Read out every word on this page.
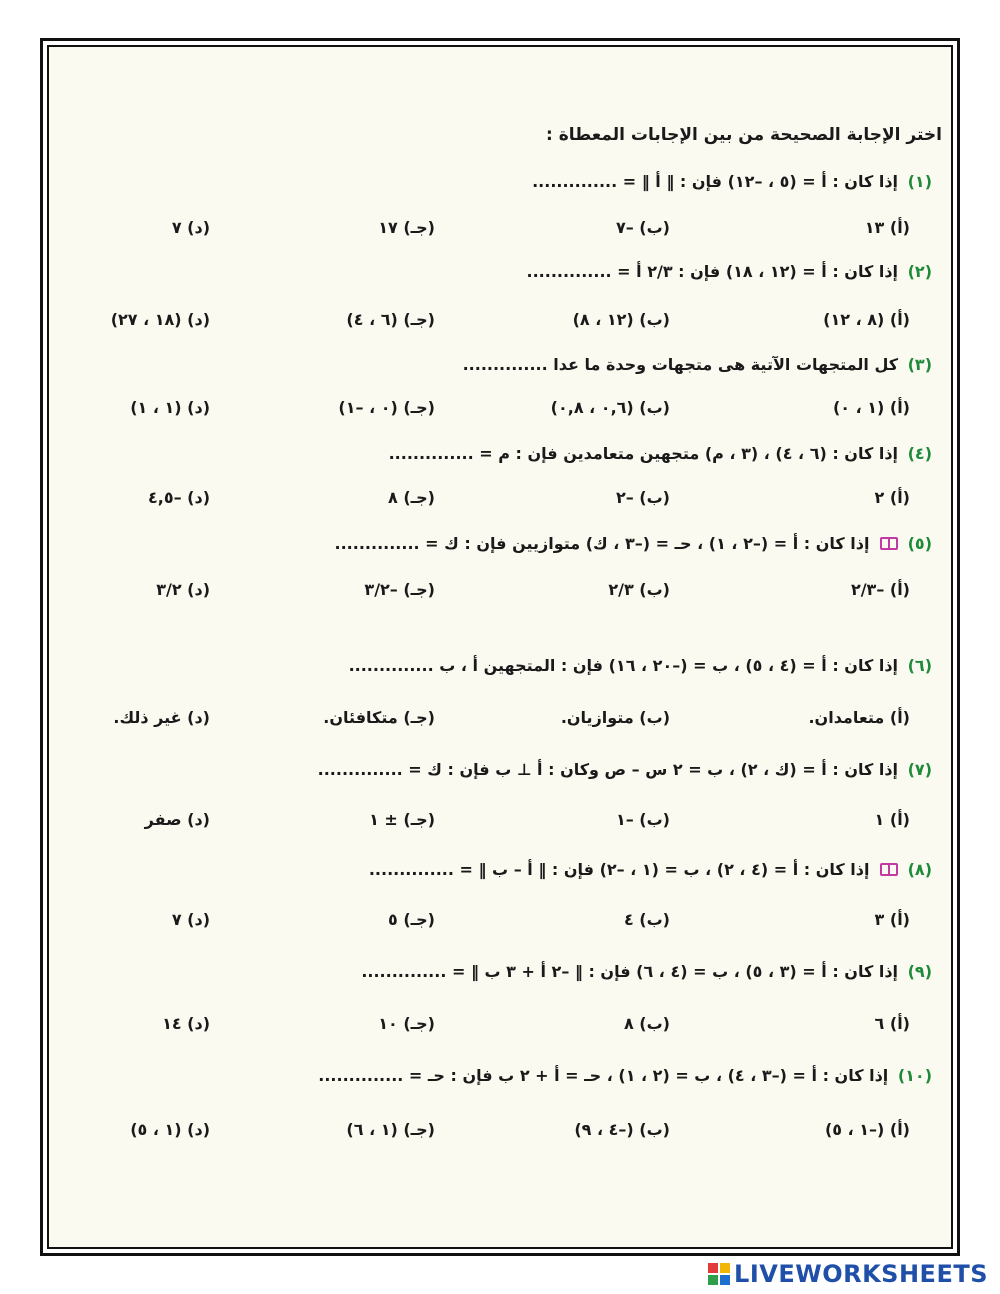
اختر الإجابة الصحيحة من بين الإجابات المعطاة :
(١) إذا كان : أ = (٥ ، –١٢) فإن : ‖ أ ‖ = ..............
(أ) ١٣
(ب) –٧
(جـ) ١٧
(د) ٧
(٢) إذا كان : أ = (١٢ ، ١٨) فإن : ٢/٣ أ = ..............
(أ) (٨ ، ١٢)
(ب) (١٢ ، ٨)
(جـ) (٦ ، ٤)
(د) (١٨ ، ٢٧)
(٣) كل المتجهات الآتية هى متجهات وحدة ما عدا ..............
(أ) (١ ، ٠)
(ب) (٠,٦ ، ٠,٨)
(جـ) (٠ ، –١)
(د) (١ ، ١)
(٤) إذا كان : (٦ ، ٤) ، (٣ ، م) متجهين متعامدين فإن : م = ..............
(أ) ٢
(ب) –٢
(جـ) ٨
(د) –٤,٥
(٥)  إذا كان : أ = (–٢ ، ١) ، حـ = (–٣ ، ك) متوازيين فإن : ك = ..............
(أ) –٢/٣
(ب) ٢/٣
(جـ) –٣/٢
(د) ٣/٢
(٦) إذا كان : أ = (٤ ، ٥) ، ب = (–٢٠ ، ١٦) فإن : المتجهين أ ، ب ..............
(أ) متعامدان.
(ب) متوازيان.
(جـ) متكافئان.
(د) غير ذلك.
(٧) إذا كان : أ = (ك ، ٢) ، ب = ٢ س – ص وكان : أ ⊥ ب فإن : ك = ..............
(أ) ١
(ب) –١
(جـ) ± ١
(د) صفر
(٨)  إذا كان : أ = (٤ ، ٢) ، ب = (١ ، –٢) فإن : ‖ أ – ب ‖ = ..............
(أ) ٣
(ب) ٤
(جـ) ٥
(د) ٧
(٩) إذا كان : أ = (٣ ، ٥) ، ب = (٤ ، ٦) فإن : ‖ –٢ أ + ٣ ب ‖ = ..............
(أ) ٦
(ب) ٨
(جـ) ١٠
(د) ١٤
(١٠) إذا كان : أ = (–٣ ، ٤) ، ب = (٢ ، ١) ، حـ = أ + ٢ ب فإن : حـ = ..............
(أ) (–١ ، ٥)
(ب) (–٤ ، ٩)
(جـ) (١ ، ٦)
(د) (١ ، ٥)
LIVEWORKSHEETS
